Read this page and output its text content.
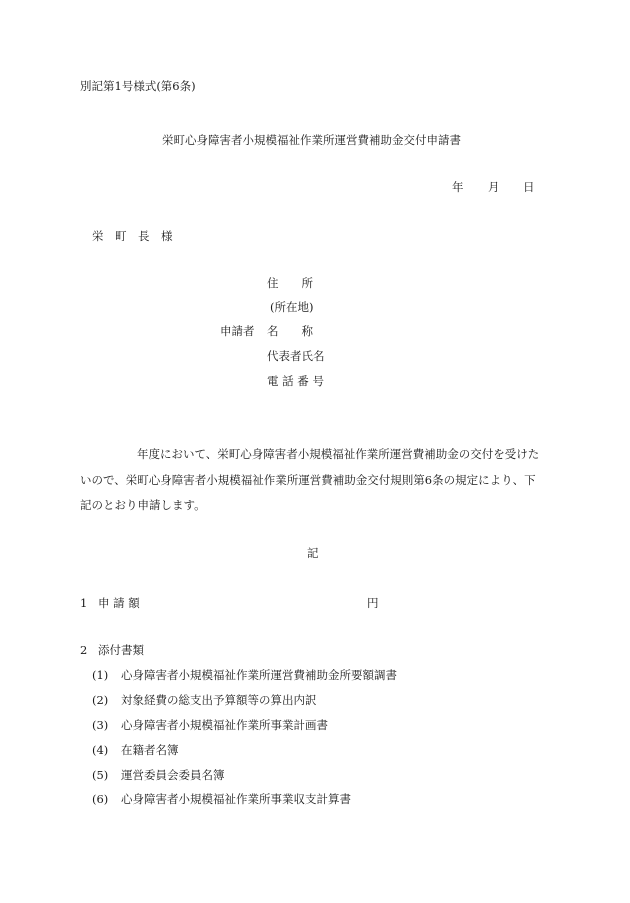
別記第1号様式(第6条)
栄町心身障害者小規模福祉作業所運営費補助金交付申請書
年 月 日
栄　町　長　様
住　　所
(所在地)
申請者 名　　称
代表者氏名
電 話 番 号
年度において、栄町心身障害者小規模福祉作業所運営費補助金の交付を受けた
いので、栄町心身障害者小規模福祉作業所運営費補助金交付規則第6条の規定により、下
記のとおり申請します。
記
1 申 請 額	円
2 添付書類
(1) 心身障害者小規模福祉作業所運営費補助金所要額調書
(2) 対象経費の総支出予算額等の算出内訳
(3) 心身障害者小規模福祉作業所事業計画書
(4) 在籍者名簿
(5) 運営委員会委員名簿
(6) 心身障害者小規模福祉作業所事業収支計算書
